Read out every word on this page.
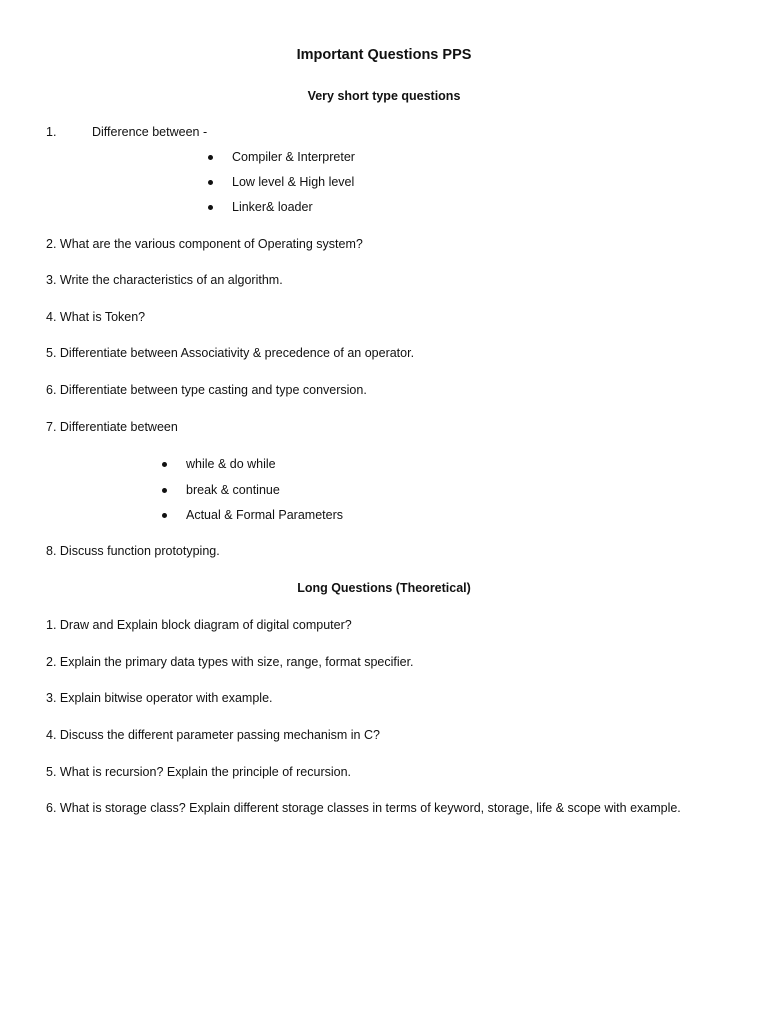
Important Questions PPS
Very short type questions
1.	Difference between -
Compiler & Interpreter
Low level & High level
Linker& loader
2. What are the various component of Operating system?
3. Write the characteristics of an algorithm.
4. What is Token?
5. Differentiate between Associativity & precedence of an operator.
6. Differentiate between type casting and type conversion.
7. Differentiate between
while & do while
break & continue
Actual & Formal Parameters
8. Discuss function prototyping.
Long Questions (Theoretical)
1. Draw and Explain block diagram of digital computer?
2. Explain the primary data types with size, range, format specifier.
3. Explain bitwise operator with example.
4. Discuss the different parameter passing mechanism in C?
5. What is recursion? Explain the principle of recursion.
6. What is storage class? Explain different storage classes in terms of keyword, storage, life & scope with example.
